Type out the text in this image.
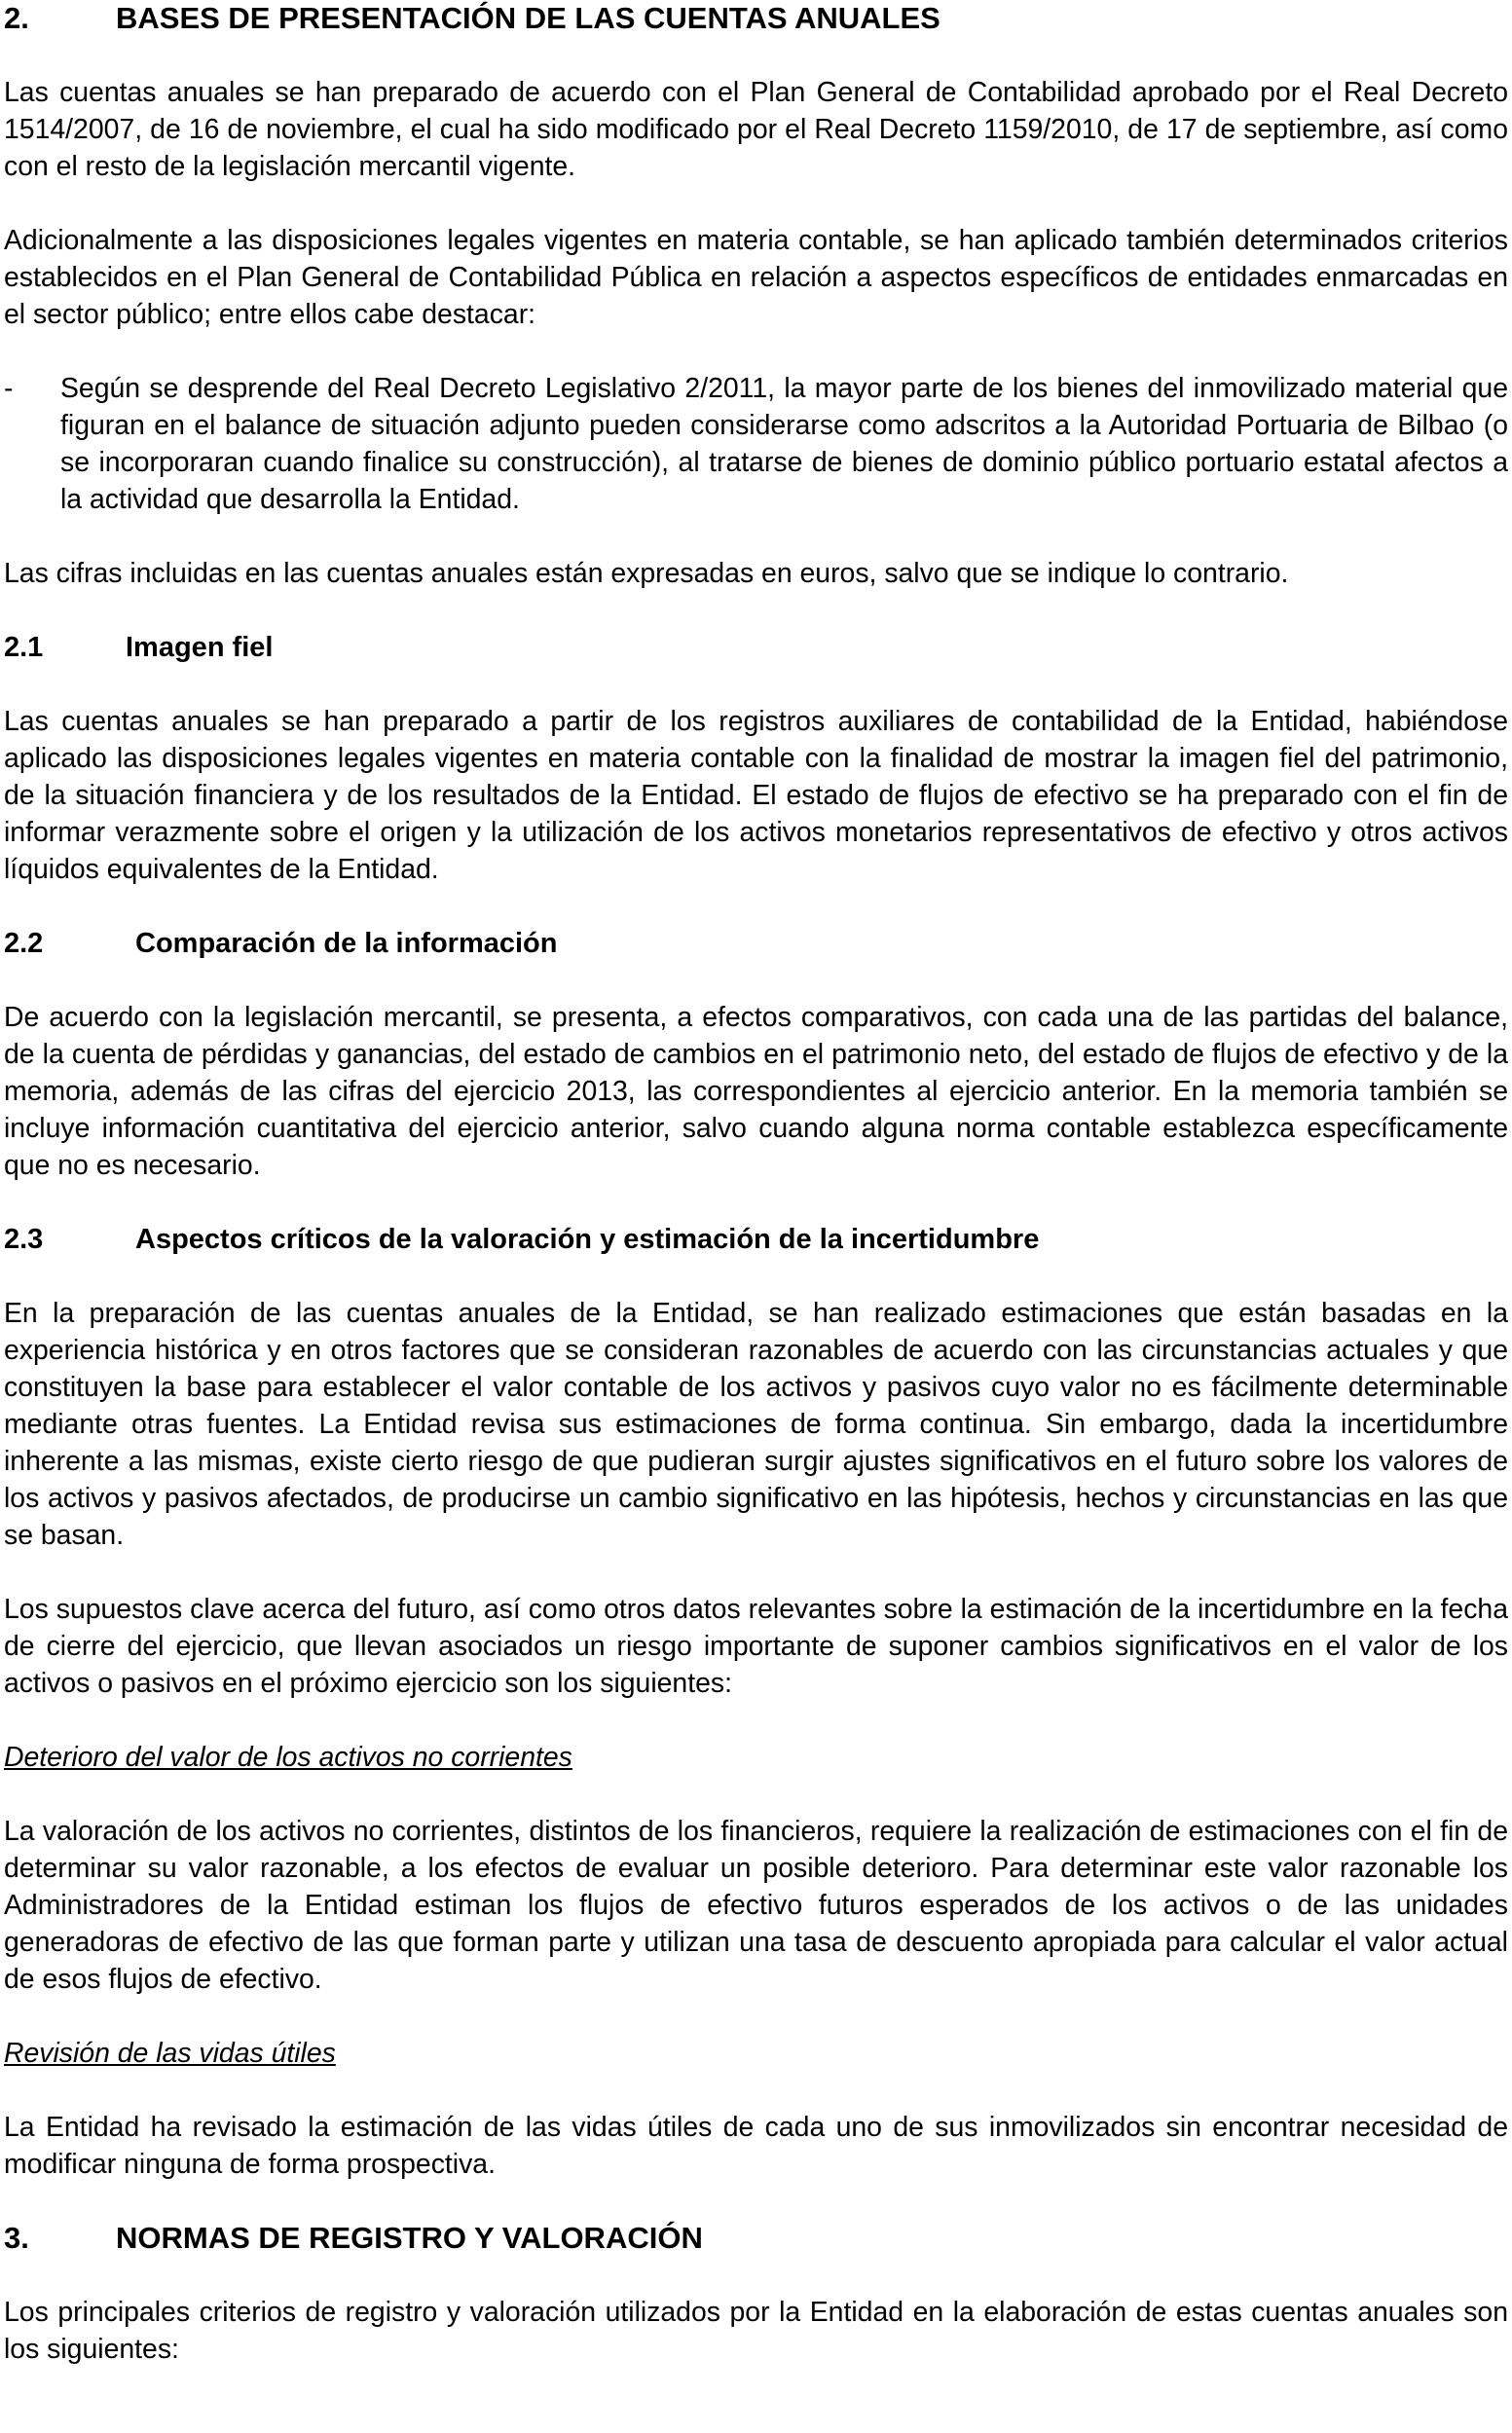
2.	BASES DE PRESENTACIÓN DE LAS CUENTAS ANUALES

Las cuentas anuales se han preparado de acuerdo con el Plan General de Contabilidad aprobado por el Real Decreto 1514/2007, de 16 de noviembre, el cual ha sido modificado por el Real Decreto 1159/2010, de 17 de septiembre, así como con el resto de la legislación mercantil vigente.

Adicionalmente a las disposiciones legales vigentes en materia contable, se han aplicado también determinados criterios establecidos en el Plan General de Contabilidad Pública en relación a aspectos específicos de entidades enmarcadas en el sector público; entre ellos cabe destacar:

-	Según se desprende del Real Decreto Legislativo 2/2011, la mayor parte de los bienes del inmovilizado material que figuran en el balance de situación adjunto pueden considerarse como adscritos a la Autoridad Portuaria de Bilbao (o se incorporaran cuando finalice su construcción), al tratarse de bienes de dominio público portuario estatal afectos a la actividad que desarrolla la Entidad.

Las cifras incluidas en las cuentas anuales están expresadas en euros, salvo que se indique lo contrario.

2.1	Imagen fiel

Las cuentas anuales se han preparado a partir de los registros auxiliares de contabilidad de la Entidad, habiéndose aplicado las disposiciones legales vigentes en materia contable con la finalidad de mostrar la imagen fiel del patrimonio, de la situación financiera y de los resultados de la Entidad. El estado de flujos de efectivo se ha preparado con el fin de informar verazmente sobre el origen y la utilización de los activos monetarios representativos de efectivo y otros activos líquidos equivalentes de la Entidad.

2.2	Comparación de la información

De acuerdo con la legislación mercantil, se presenta, a efectos comparativos, con cada una de las partidas del balance, de la cuenta de pérdidas y ganancias, del estado de cambios en el patrimonio neto, del estado de flujos de efectivo y de la memoria, además de las cifras del ejercicio 2013, las correspondientes al ejercicio anterior. En la memoria también se incluye información cuantitativa del ejercicio anterior, salvo cuando alguna norma contable establezca específicamente que no es necesario.

2.3	Aspectos críticos de la valoración y estimación de la incertidumbre

En la preparación de las cuentas anuales de la Entidad, se han realizado estimaciones que están basadas en la experiencia histórica y en otros factores que se consideran razonables de acuerdo con las circunstancias actuales y que constituyen la base para establecer el valor contable de los activos y pasivos cuyo valor no es fácilmente determinable mediante otras fuentes. La Entidad revisa sus estimaciones de forma continua. Sin embargo, dada la incertidumbre inherente a las mismas, existe cierto riesgo de que pudieran surgir ajustes significativos en el futuro sobre los valores de los activos y pasivos afectados, de producirse un cambio significativo en las hipótesis, hechos y circunstancias en las que se basan.

Los supuestos clave acerca del futuro, así como otros datos relevantes sobre la estimación de la incertidumbre en la fecha de cierre del ejercicio, que llevan asociados un riesgo importante de suponer cambios significativos en el valor de los activos o pasivos en el próximo ejercicio son los siguientes:

Deterioro del valor de los activos no corrientes

La valoración de los activos no corrientes, distintos de los financieros, requiere la realización de estimaciones con el fin de determinar su valor razonable, a los efectos de evaluar un posible deterioro. Para determinar este valor razonable los Administradores de la Entidad estiman los flujos de efectivo futuros esperados de los activos o de las unidades generadoras de efectivo de las que forman parte y utilizan una tasa de descuento apropiada para calcular el valor actual de esos flujos de efectivo.

Revisión de las vidas útiles

La Entidad ha revisado la estimación de las vidas útiles de cada uno de sus inmovilizados sin encontrar necesidad de modificar ninguna de forma prospectiva.

3.	NORMAS DE REGISTRO Y VALORACIÓN

Los principales criterios de registro y valoración utilizados por la Entidad en la elaboración de estas cuentas anuales son los siguientes:
